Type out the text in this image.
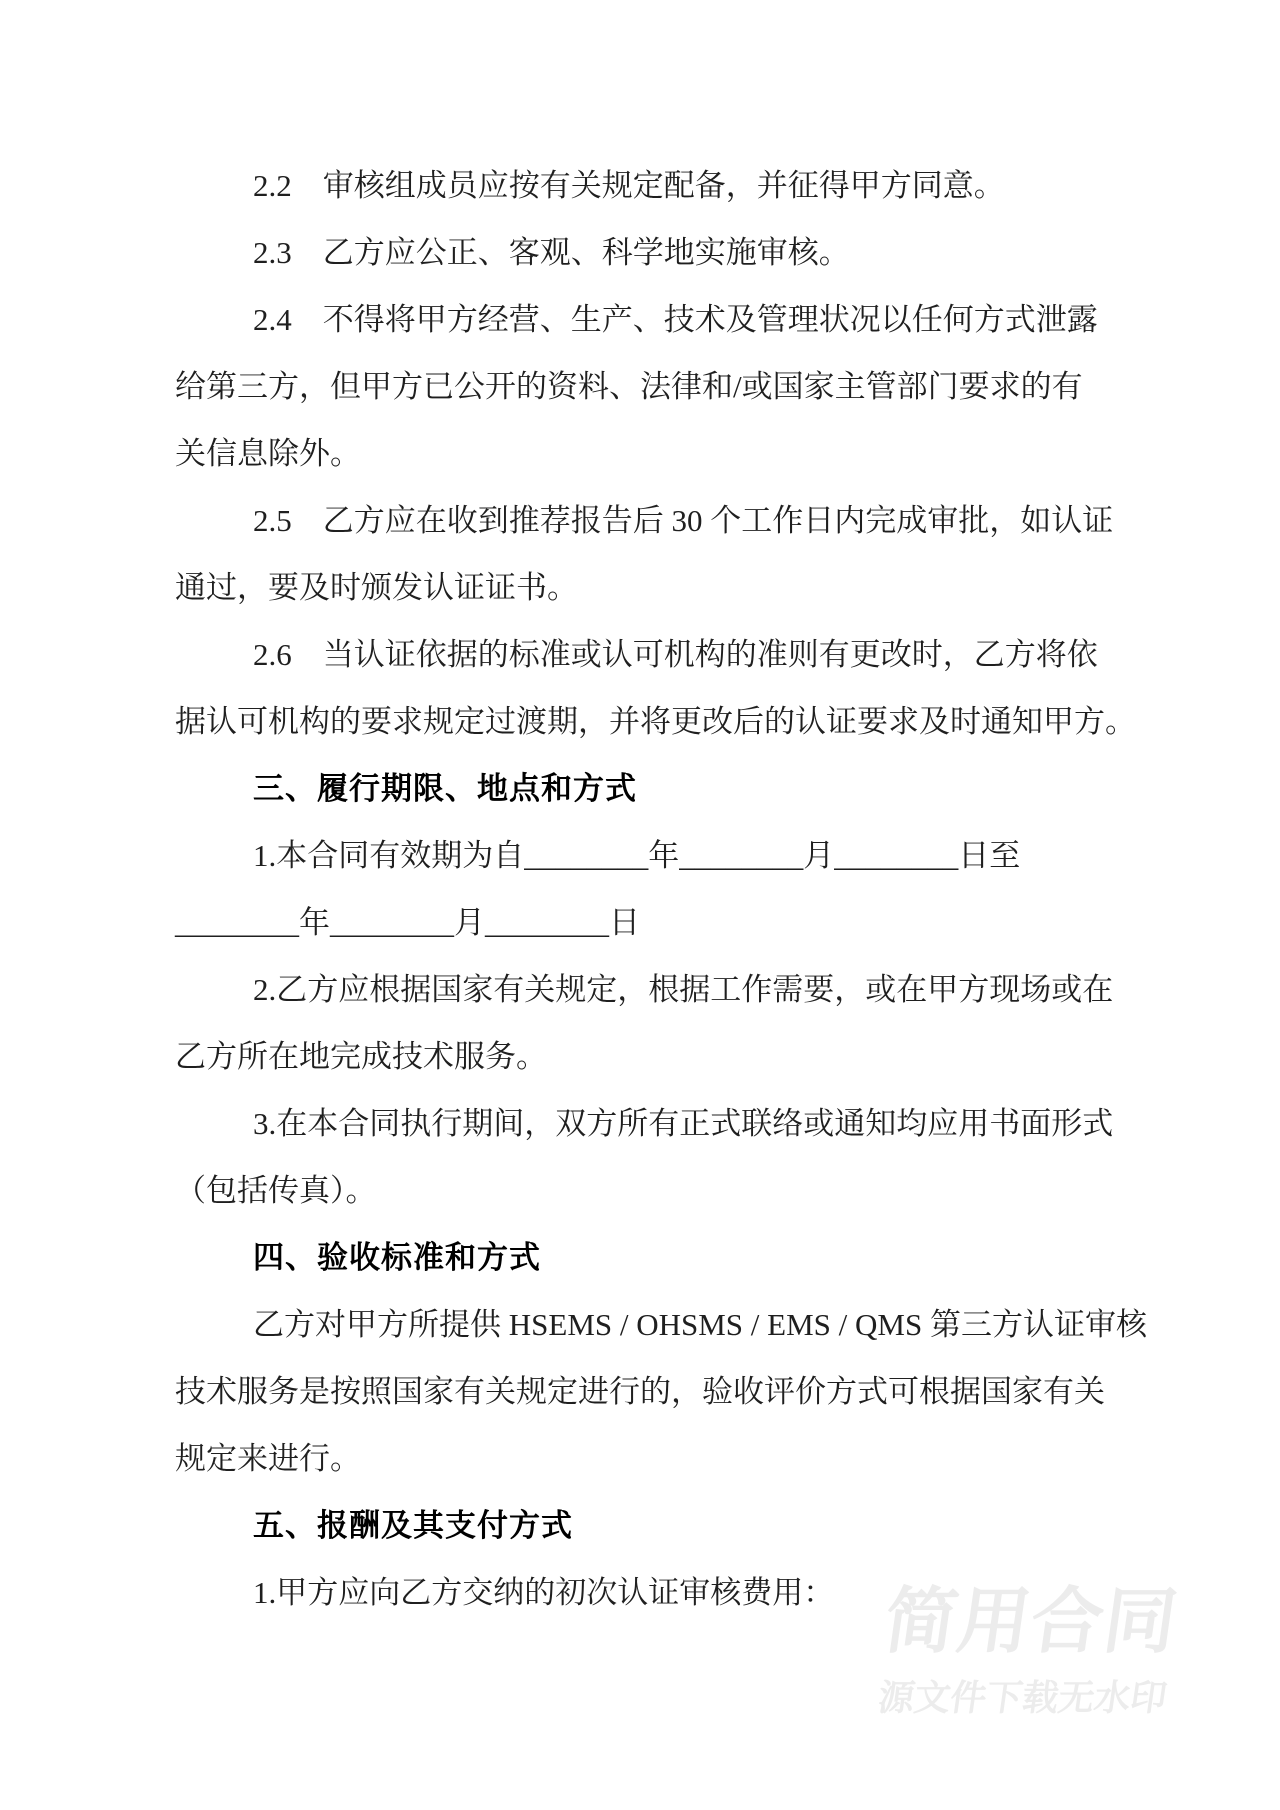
2.2　审核组成员应按有关规定配备，并征得甲方同意。
2.3　乙方应公正、客观、科学地实施审核。
2.4　不得将甲方经营、生产、技术及管理状况以任何方式泄露
给第三方，但甲方已公开的资料、法律和/或国家主管部门要求的有
关信息除外。
2.5　乙方应在收到推荐报告后 30 个工作日内完成审批，如认证
通过，要及时颁发认证证书。
2.6　当认证依据的标准或认可机构的准则有更改时，乙方将依
据认可机构的要求规定过渡期，并将更改后的认证要求及时通知甲方。
三、履行期限、地点和方式
1.本合同有效期为自________年________月________日至
________年________月________日
2.乙方应根据国家有关规定，根据工作需要，或在甲方现场或在
乙方所在地完成技术服务。
3.在本合同执行期间，双方所有正式联络或通知均应用书面形式
（包括传真）。
四、验收标准和方式
乙方对甲方所提供 HSEMS / OHSMS / EMS / QMS 第三方认证审核
技术服务是按照国家有关规定进行的，验收评价方式可根据国家有关
规定来进行。
五、报酬及其支付方式
1.甲方应向乙方交纳的初次认证审核费用： 简用合同
源文件下载无水印
